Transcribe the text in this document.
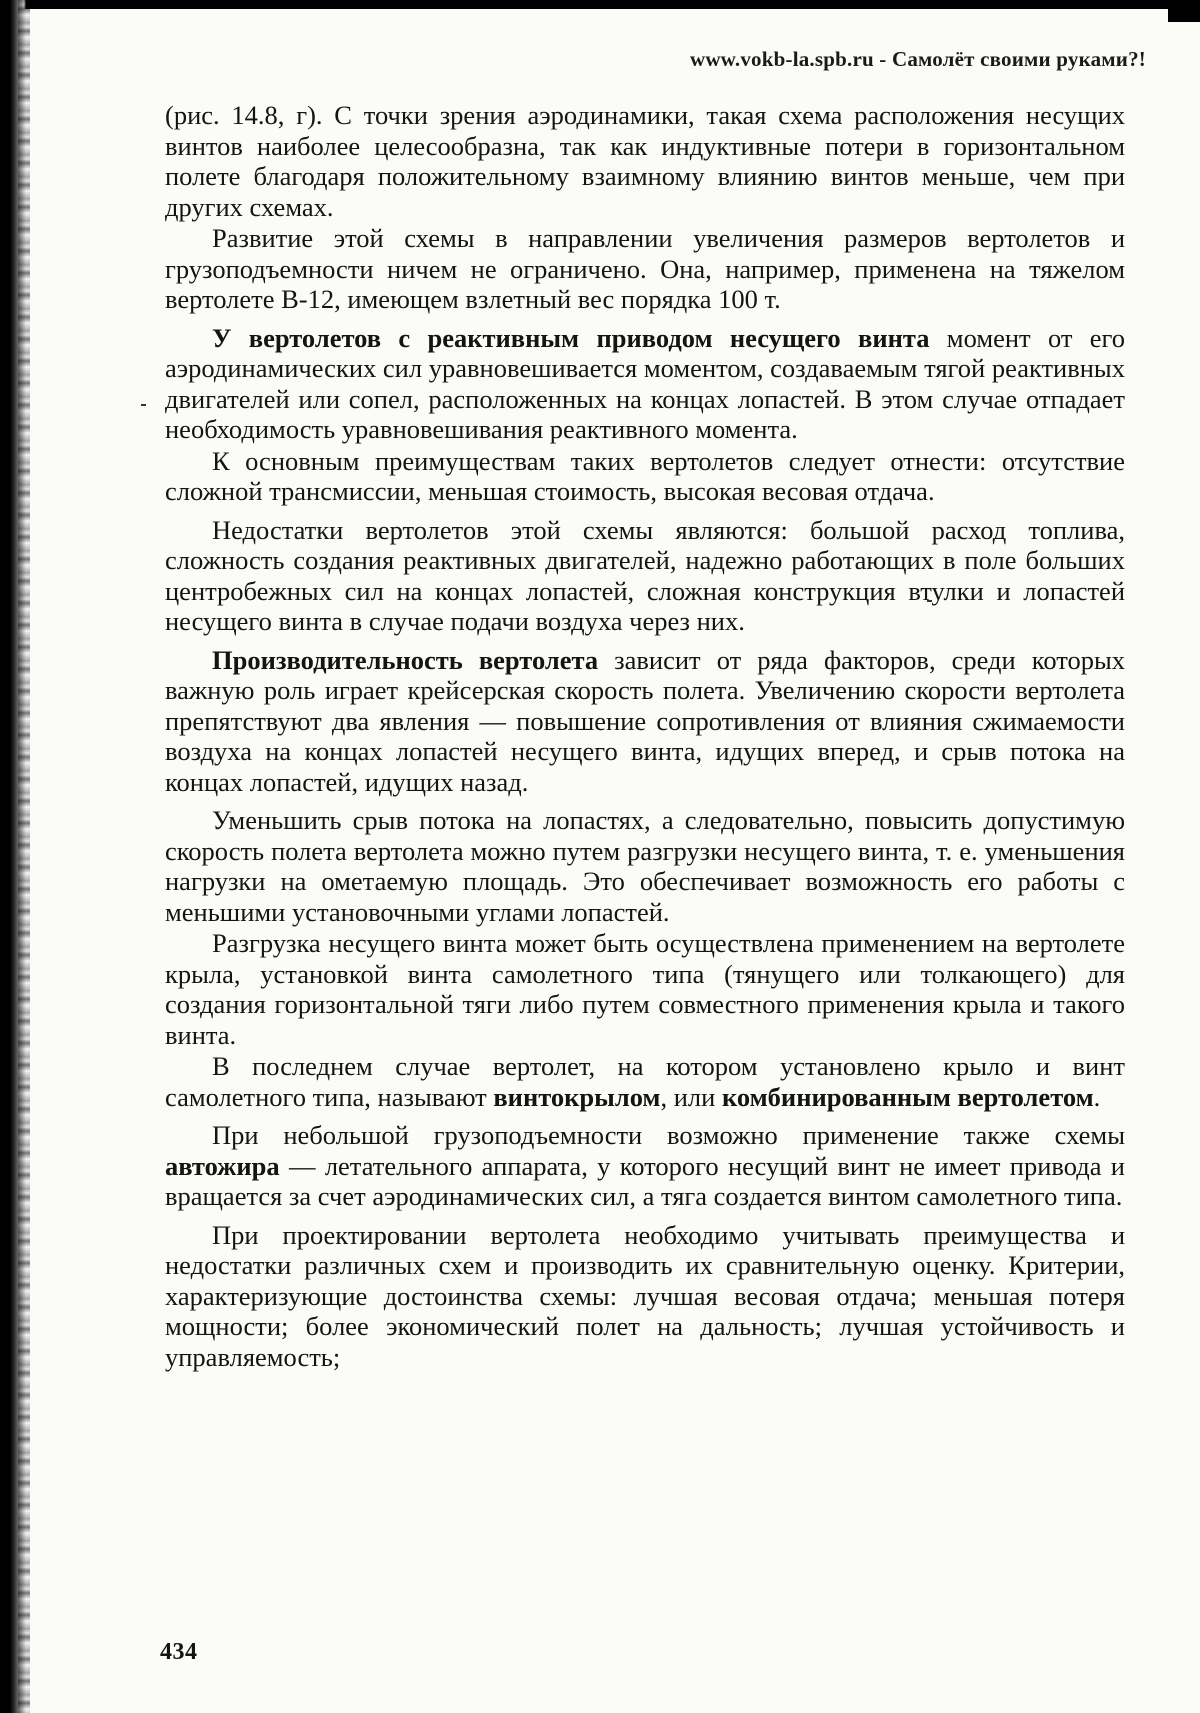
www.vokb-la.spb.ru - Самолёт своими руками?!

(рис. 14.8, г). С точки зрения аэродинамики, такая схема расположения несущих винтов наиболее целесообразна, так как индуктивные потери в горизонтальном полете благодаря положительному взаимному влиянию винтов меньше, чем при других схемах.

Развитие этой схемы в направлении увеличения размеров вертолетов и грузоподъемности ничем не ограничено. Она, например, применена на тяжелом вертолете В-12, имеющем взлетный вес порядка 100 т.

У вертолетов с реактивным приводом несущего винта момент от его аэродинамических сил уравновешивается моментом, создаваемым тягой реактивных двигателей или сопел, расположенных на концах лопастей. В этом случае отпадает необходимость уравновешивания реактивного момента.

К основным преимуществам таких вертолетов следует отнести: отсутствие сложной трансмиссии, меньшая стоимость, высокая весовая отдача.

Недостатки вертолетов этой схемы являются: большой расход топлива, сложность создания реактивных двигателей, надежно работающих в поле больших центробежных сил на концах лопастей, сложная конструкция втулки и лопастей несущего винта в случае подачи воздуха через них.

Производительность вертолета зависит от ряда факторов, среди которых важную роль играет крейсерская скорость полета. Увеличению скорости вертолета препятствуют два явления — повышение сопротивления от влияния сжимаемости воздуха на концах лопастей несущего винта, идущих вперед, и срыв потока на концах лопастей, идущих назад.

Уменьшить срыв потока на лопастях, а следовательно, повысить допустимую скорость полета вертолета можно путем разгрузки несущего винта, т. е. уменьшения нагрузки на ометаемую площадь. Это обеспечивает возможность его работы с меньшими установочными углами лопастей.

Разгрузка несущего винта может быть осуществлена применением на вертолете крыла, установкой винта самолетного типа (тянущего или толкающего) для создания горизонтальной тяги либо путем совместного применения крыла и такого винта.

В последнем случае вертолет, на котором установлено крыло и винт самолетного типа, называют винтокрылом, или комбинированным вертолетом.

При небольшой грузоподъемности возможно применение также схемы автожира — летательного аппарата, у которого несущий винт не имеет привода и вращается за счет аэродинамических сил, а тяга создается винтом самолетного типа.

При проектировании вертолета необходимо учитывать преимущества и недостатки различных схем и производить их сравнительную оценку. Критерии, характеризующие достоинства схемы: лучшая весовая отдача; меньшая потеря мощности; более экономический полет на дальность; лучшая устойчивость и управляемость;

434
